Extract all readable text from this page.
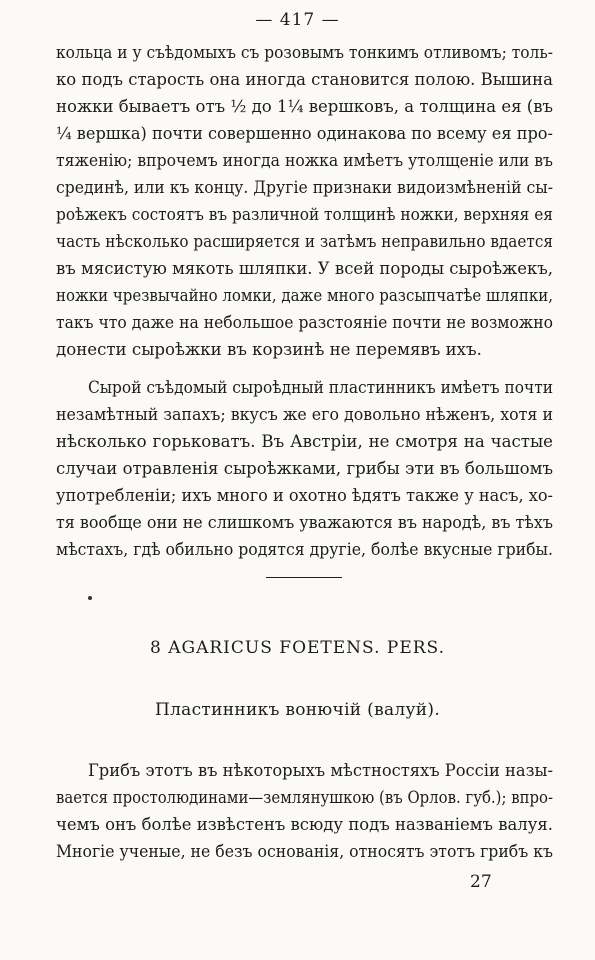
— 417 —
кольца и у съѣдомыхъ съ розовымъ тонкимъ отливомъ; толь-
ко подъ старость она иногда становится полою. Вышина
ножки бываетъ отъ ½ до 1¼ вершковъ, а толщина ея (въ
¼ вершка) почти совершенно одинакова по всему ея про-
тяженію; впрочемъ иногда ножка имѣетъ утолщеніе или въ
срединѣ, или къ концу. Другіе признаки видоизмѣненій сы-
роѣжекъ состоятъ въ различной толщинѣ ножки, верхняя ея
часть нѣсколько расширяется и затѣмъ неправильно вдается
въ мясистую мякоть шляпки. У всей породы сыроѣжекъ,
ножки чрезвычайно ломки, даже много разсыпчатѣе шляпки,
такъ что даже на небольшое разстояніе почти не возможно
донести сыроѣжки въ корзинѣ не перемявъ ихъ.
Сырой съѣдомый сыроѣдный пластинникъ имѣетъ почти
незамѣтный запахъ; вкусъ же его довольно нѣженъ, хотя и
нѣсколько горьковатъ. Въ Австріи, не смотря на частые
случаи отравленія сыроѣжками, грибы эти въ большомъ
употребленіи; ихъ много и охотно ѣдятъ также у насъ, хо-
тя вообще они не слишкомъ уважаются въ народѣ, въ тѣхъ
мѣстахъ, гдѣ обильно родятся другіе, болѣе вкусные грибы.
8 AGARICUS FOETENS. PERS.
Пластинникъ вонючій (валуй).
Грибъ этотъ въ нѣкоторыхъ мѣстностяхъ Россіи назы-
вается простолюдинами—землянушкою (въ Орлов. губ.); впро-
чемъ онъ болѣе извѣстенъ всюду подъ названіемъ валуя.
Многіе ученые, не безъ основанія, относятъ этотъ грибъ къ
27
